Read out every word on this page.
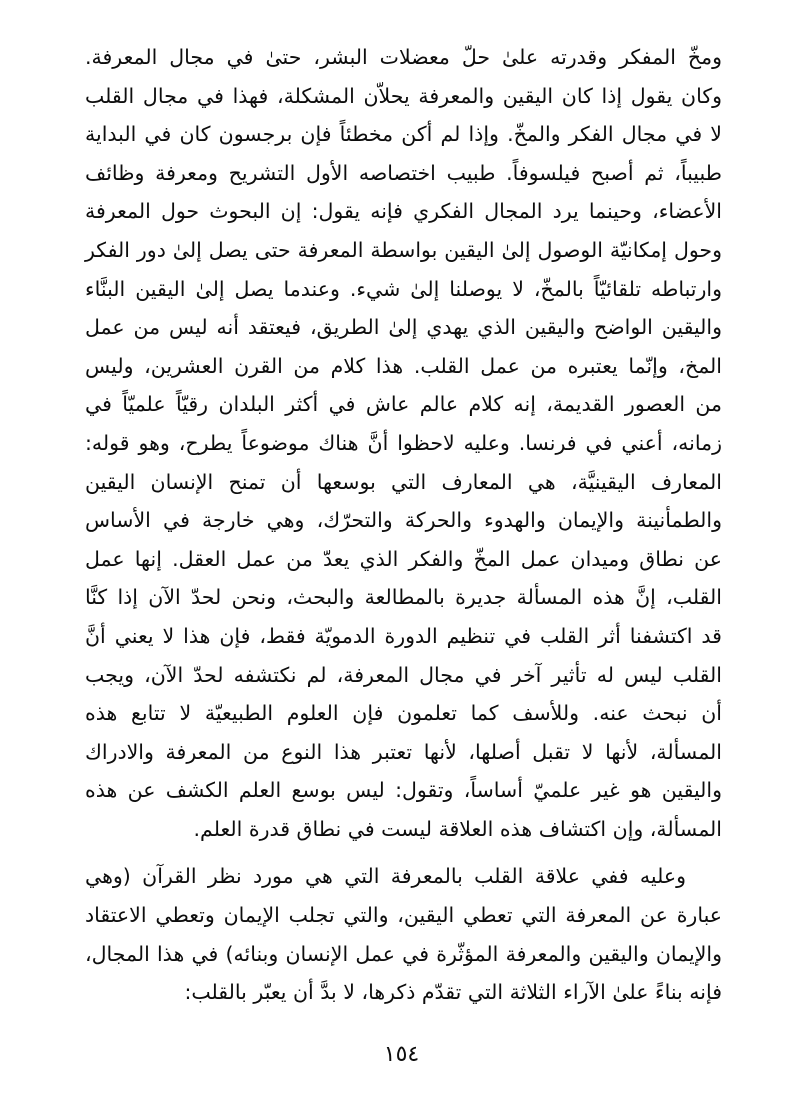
ومخّ المفكر وقدرته علىٰ حلّ معضلات البشر، حتىٰ في مجال المعرفة.
وكان يقول إذا كان اليقين والمعرفة يحلاّن المشكلة، فهذا في مجال القلب
لا في مجال الفكر والمخّ. وإذا لم أكن مخطئاً فإن برجسون كان في البداية
طبيباً، ثم أصبح فيلسوفاً. طبيب اختصاصه الأول التشريح ومعرفة وظائف
الأعضاء، وحينما يرد المجال الفكري فإنه يقول: إن البحوث حول المعرفة
وحول إمكانيّة الوصول إلىٰ اليقين بواسطة المعرفة حتى يصل إلىٰ دور الفكر
وارتباطه تلقائيّاً بالمخّ، لا يوصلنا إلىٰ شيء. وعندما يصل إلىٰ اليقين البنَّاء
واليقين الواضح واليقين الذي يهدي إلىٰ الطريق، فيعتقد أنه ليس من عمل
المخ، وإنّما يعتبره من عمل القلب. هذا كلام من القرن العشرين، وليس
من العصور القديمة، إنه كلام عالم عاش في أكثر البلدان رقيّاً علميّاً في
زمانه، أعني في فرنسا. وعليه لاحظوا أنَّ هناك موضوعاً يطرح، وهو قوله:
المعارف اليقينيَّة، هي المعارف التي بوسعها أن تمنح الإنسان اليقين
والطمأنينة والإيمان والهدوء والحركة والتحرّك، وهي خارجة في الأساس
عن نطاق وميدان عمل المخّ والفكر الذي يعدّ من عمل العقل. إنها عمل
القلب، إنَّ هذه المسألة جديرة بالمطالعة والبحث، ونحن لحدّ الآن إذا كنَّا
قد اكتشفنا أثر القلب في تنظيم الدورة الدمويّة فقط، فإن هذا لا يعني أنَّ
القلب ليس له تأثير آخر في مجال المعرفة، لم نكتشفه لحدّ الآن، ويجب
أن نبحث عنه. وللأسف كما تعلمون فإن العلوم الطبيعيّة لا تتابع هذه
المسألة، لأنها لا تقبل أصلها، لأنها تعتبر هذا النوع من المعرفة والادراك
واليقين هو غير علميّ أساساً، وتقول: ليس بوسع العلم الكشف عن هذه
المسألة، وإن اكتشاف هذه العلاقة ليست في نطاق قدرة العلم.
وعليه ففي علاقة القلب بالمعرفة التي هي مورد نظر القرآن (وهي
عبارة عن المعرفة التي تعطي اليقين، والتي تجلب الإيمان وتعطي الاعتقاد
والإيمان واليقين والمعرفة المؤثّرة في عمل الإنسان وبنائه) في هذا المجال،
فإنه بناءً علىٰ الآراء الثلاثة التي تقدّم ذكرها، لا بدَّ أن يعبّر بالقلب:
١٥٤
